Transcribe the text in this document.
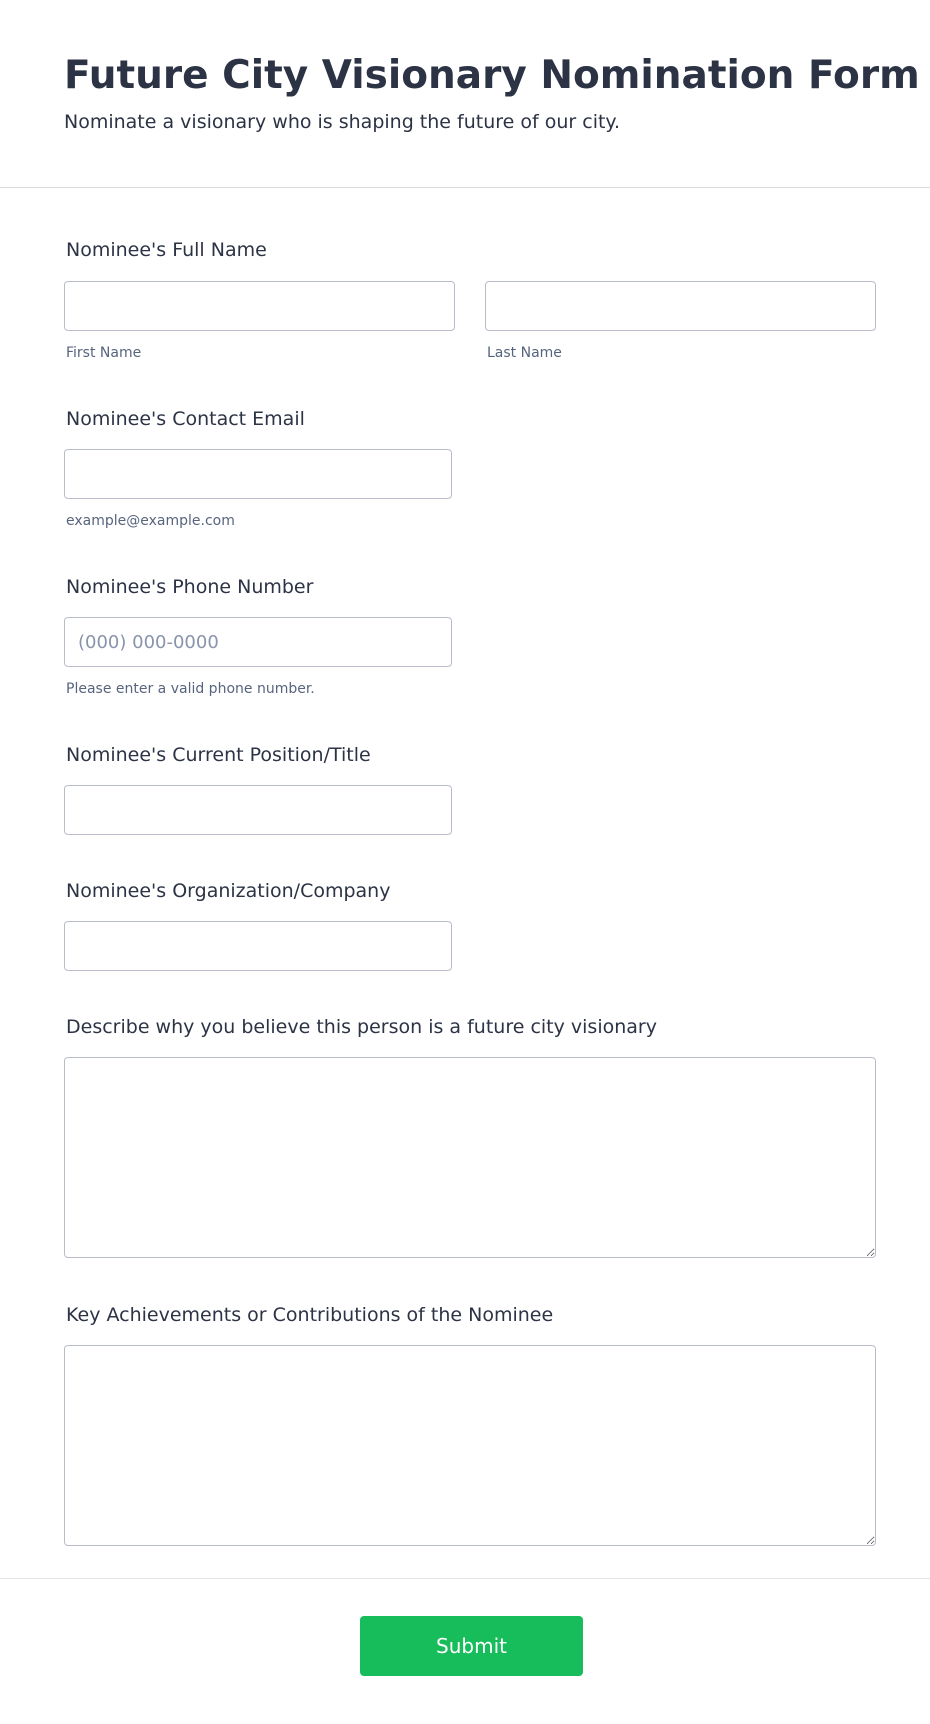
Future City Visionary Nomination Form

Nominate a visionary who is shaping the future of our city.

Nominee's Full Name
First Name	Last Name
Nominee's Contact Email
example@example.com
Nominee's Phone Number
(000) 000-0000
Please enter a valid phone number.
Nominee's Current Position/Title
Nominee's Organization/Company
Describe why you believe this person is a future city visionary
Key Achievements or Contributions of the Nominee
Submit
